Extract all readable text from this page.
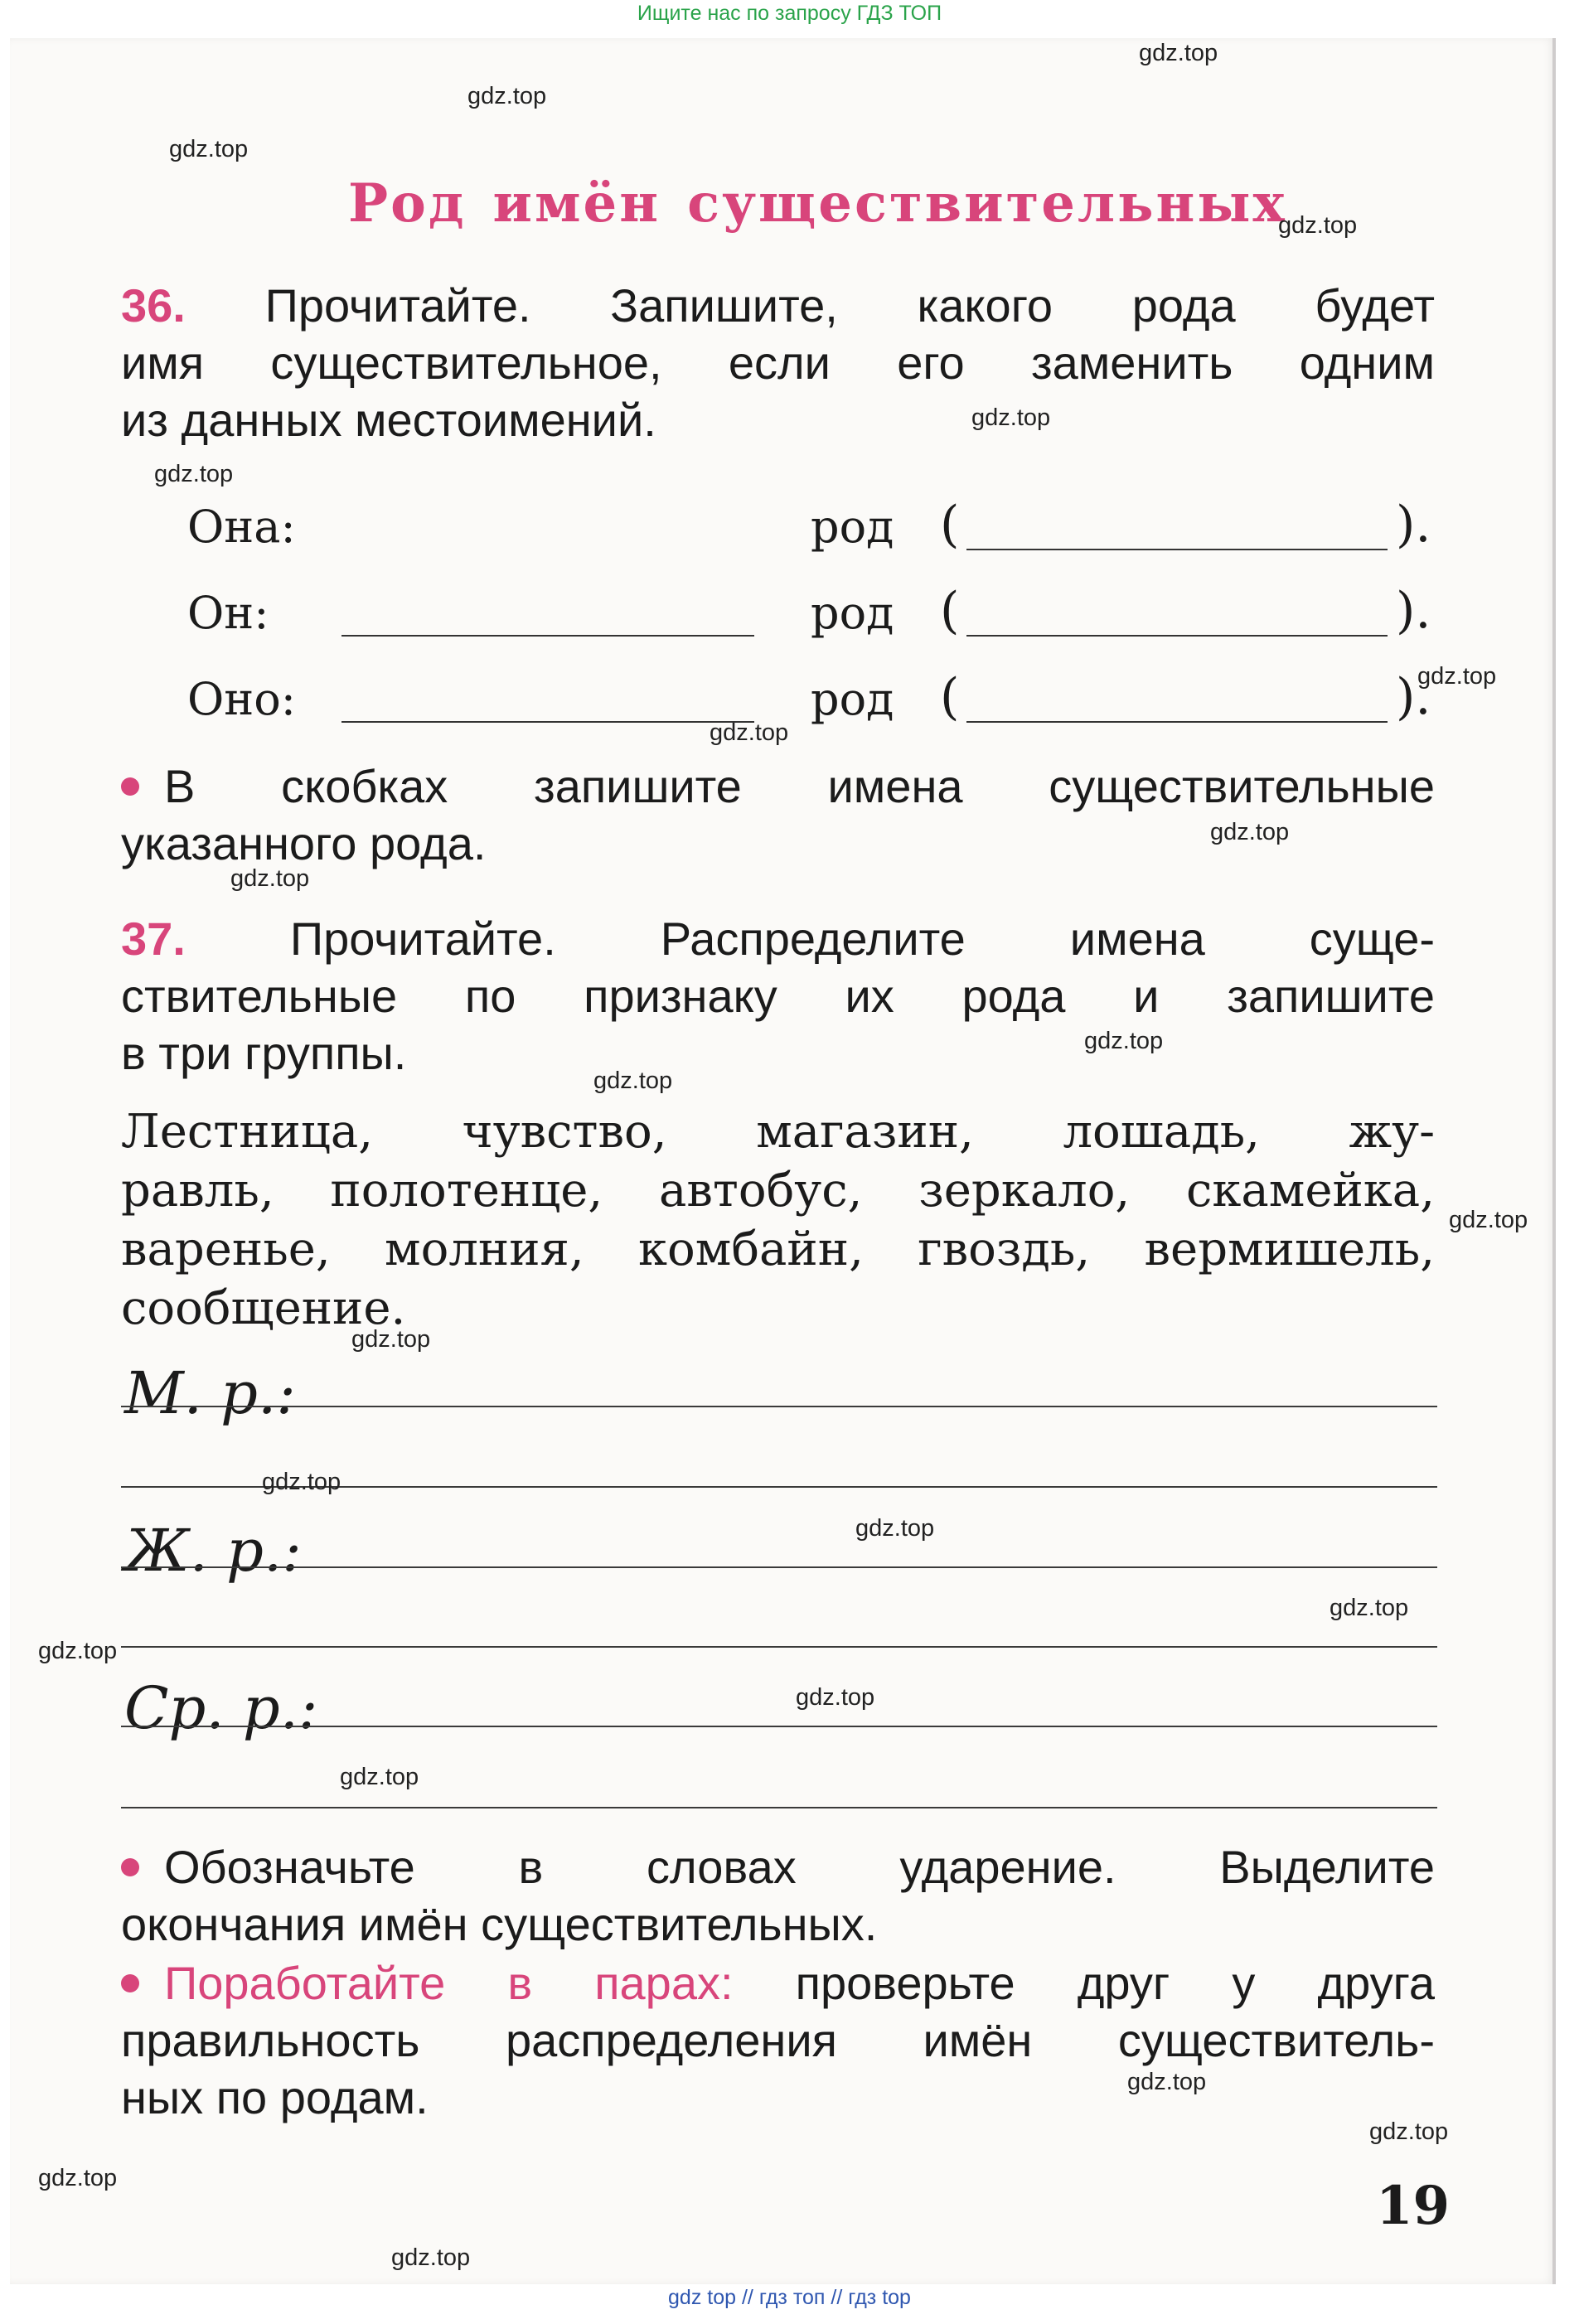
Ищите нас по запросу ГДЗ ТОП
Род имён существительных
36. Прочитайте. Запишите, какого рода будет
имя существительное, если его заменить одним
из данных местоимений.
Она:	род (	).
Он:	род (	).
Оно:	род (	).
В скобках запишите имена существительные
указанного рода.
37. Прочитайте. Распределите имена суще-
ствительные по признаку их рода и запишите
в три группы.
Лестница, чувство, магазин, лошадь, жу-
равль, полотенце, автобус, зеркало, скамейка,
варенье, молния, комбайн, гвоздь, вермишель,
сообщение.
М. р.:
Ж. р.:
Ср. р.:
Обозначьте в словах ударение. Выделите
окончания имён существительных.
Поработайте в парах: проверьте друг у друга
правильность распределения имён существитель-
ных по родам.
19
gdz.top
gdz.top
gdz.top
gdz.top
gdz.top
gdz.top
gdz.top
gdz.top
gdz.top
gdz.top
gdz.top
gdz.top
gdz.top
gdz.top
gdz.top
gdz.top
gdz.top
gdz.top
gdz.top
gdz.top
gdz.top
gdz.top
gdz.top
gdz.top
gdz top // гдз топ // гдз top
